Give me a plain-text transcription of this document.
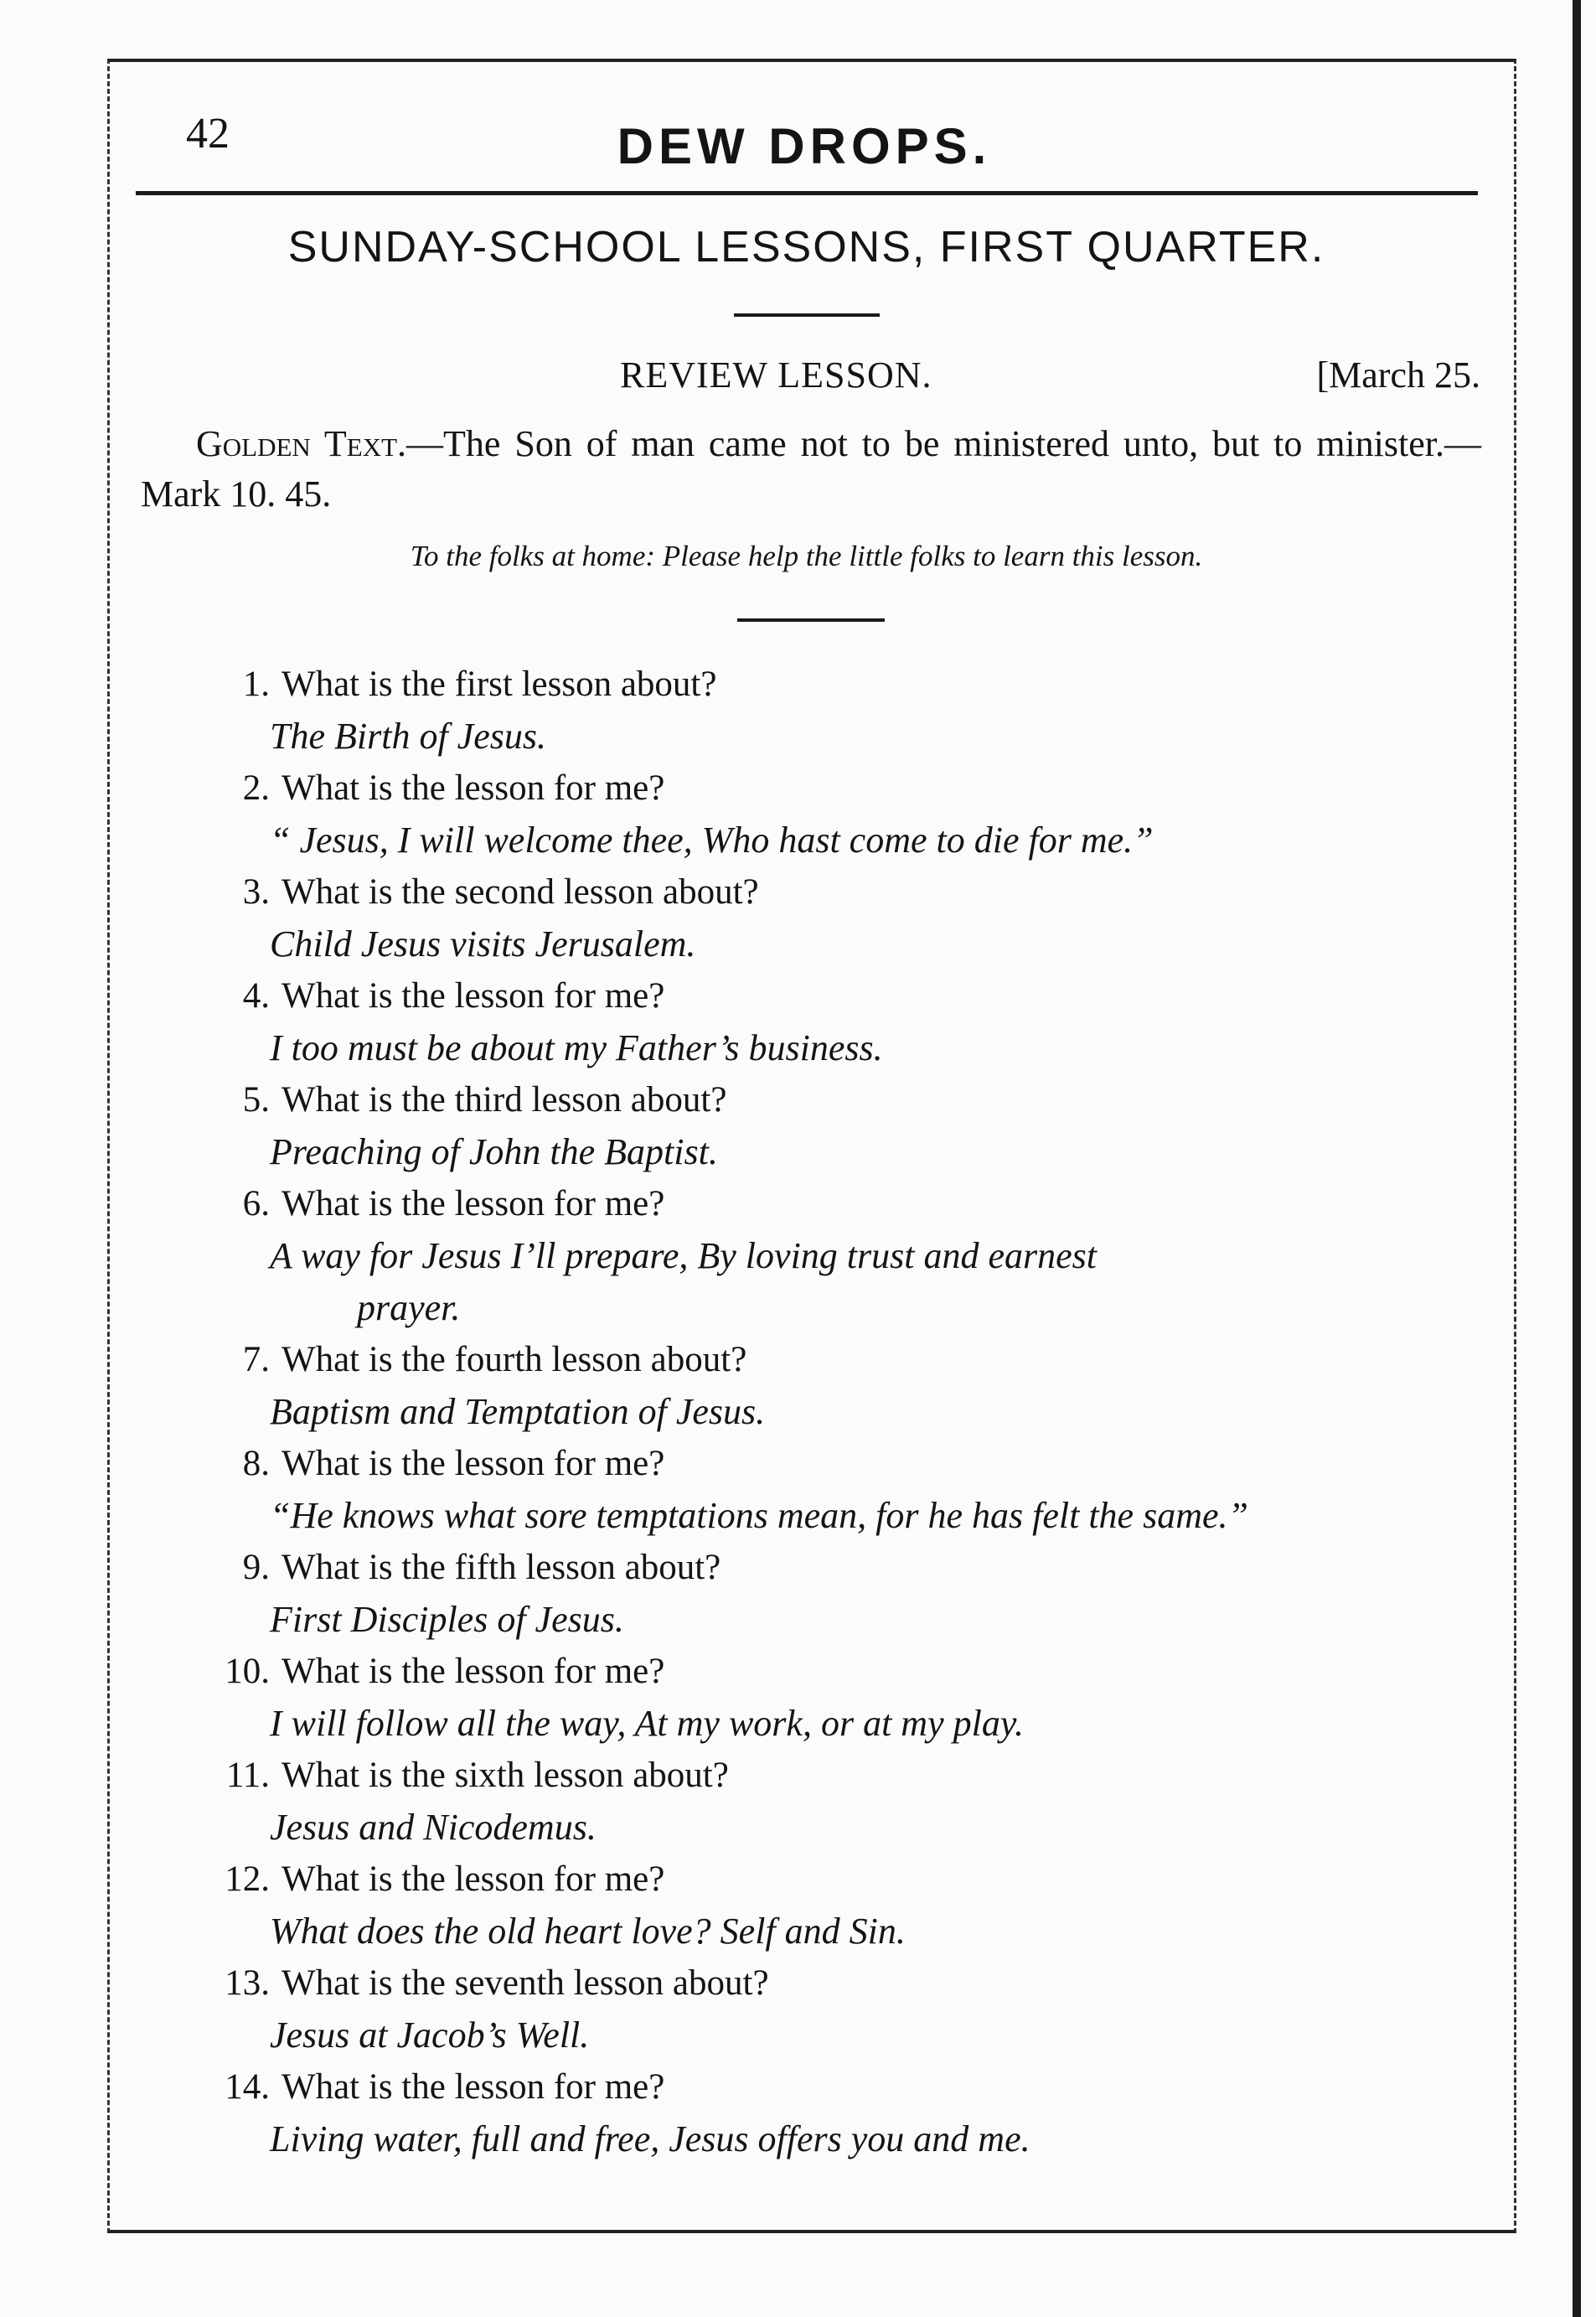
42	DEW DROPS.
SUNDAY-SCHOOL LESSONS, FIRST QUARTER.
REVIEW LESSON.	[March 25.
Golden Text.—The Son of man came not to be ministered unto, but to minister.—Mark 10. 45.
To the folks at home: Please help the little folks to learn this lesson.
1. What is the first lesson about?
The Birth of Jesus.
2. What is the lesson for me?
“ Jesus, I will welcome thee, Who hast come to die for me.”
3. What is the second lesson about?
Child Jesus visits Jerusalem.
4. What is the lesson for me?
I too must be about my Father’s business.
5. What is the third lesson about?
Preaching of John the Baptist.
6. What is the lesson for me?
A way for Jesus I’ll prepare, By loving trust and earnest
prayer.
7. What is the fourth lesson about?
Baptism and Temptation of Jesus.
8. What is the lesson for me?
“He knows what sore temptations mean, for he has felt the same.”
9. What is the fifth lesson about?
First Disciples of Jesus.
10. What is the lesson for me?
I will follow all the way, At my work, or at my play.
11. What is the sixth lesson about?
Jesus and Nicodemus.
12. What is the lesson for me?
What does the old heart love? Self and Sin.
13. What is the seventh lesson about?
Jesus at Jacob’s Well.
14. What is the lesson for me?
Living water, full and free, Jesus offers you and me.
